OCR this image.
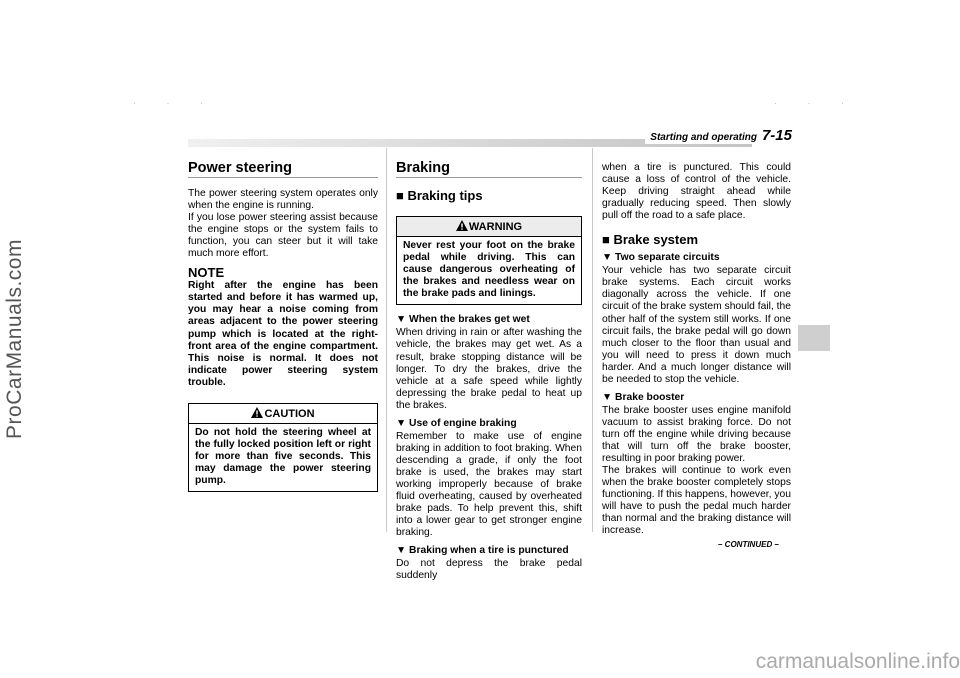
ProCarManuals.com
· · ·	· · ·
Starting and operating 7-15
Power steering

The power steering system operates only when the engine is running.

If you lose power steering assist because the engine stops or the system fails to function, you can steer but it will take much more effort.

NOTE

Right after the engine has been started and before it has warmed up, you may hear a noise coming from areas adjacent to the power steering pump which is located at the right-front area of the engine compartment. This noise is normal. It does not indicate power steering system trouble.

CAUTION
Do not hold the steering wheel at the fully locked position left or right for more than five seconds. This may damage the power steering pump.
Braking
■ Braking tips
WARNING
Never rest your foot on the brake pedal while driving. This can cause dangerous overheating of the brakes and needless wear on the brake pads and linings.
▼ When the brakes get wet

When driving in rain or after washing the vehicle, the brakes may get wet. As a result, brake stopping distance will be longer. To dry the brakes, drive the vehicle at a safe speed while lightly depressing the brake pedal to heat up the brakes.

▼ Use of engine braking

Remember to make use of engine braking in addition to foot braking. When descending a grade, if only the foot brake is used, the brakes may start working improperly because of brake fluid overheating, caused by overheated brake pads. To help prevent this, shift into a lower gear to get stronger engine braking.

▼ Braking when a tire is punctured

Do not depress the brake pedal suddenly

when a tire is punctured. This could cause a loss of control of the vehicle. Keep driving straight ahead while gradually reducing speed. Then slowly pull off the road to a safe place.

■ Brake system
▼ Two separate circuits

Your vehicle has two separate circuit brake systems. Each circuit works diagonally across the vehicle. If one circuit of the brake system should fail, the other half of the system still works. If one circuit fails, the brake pedal will go down much closer to the floor than usual and you will need to press it down much harder. And a much longer distance will be needed to stop the vehicle.

▼ Brake booster

The brake booster uses engine manifold vacuum to assist braking force. Do not turn off the engine while driving because that will turn off the brake booster, resulting in poor braking power.

The brakes will continue to work even when the brake booster completely stops functioning. If this happens, however, you will have to push the pedal much harder than normal and the braking distance will increase.

– CONTINUED –
carmanualsonline.info
